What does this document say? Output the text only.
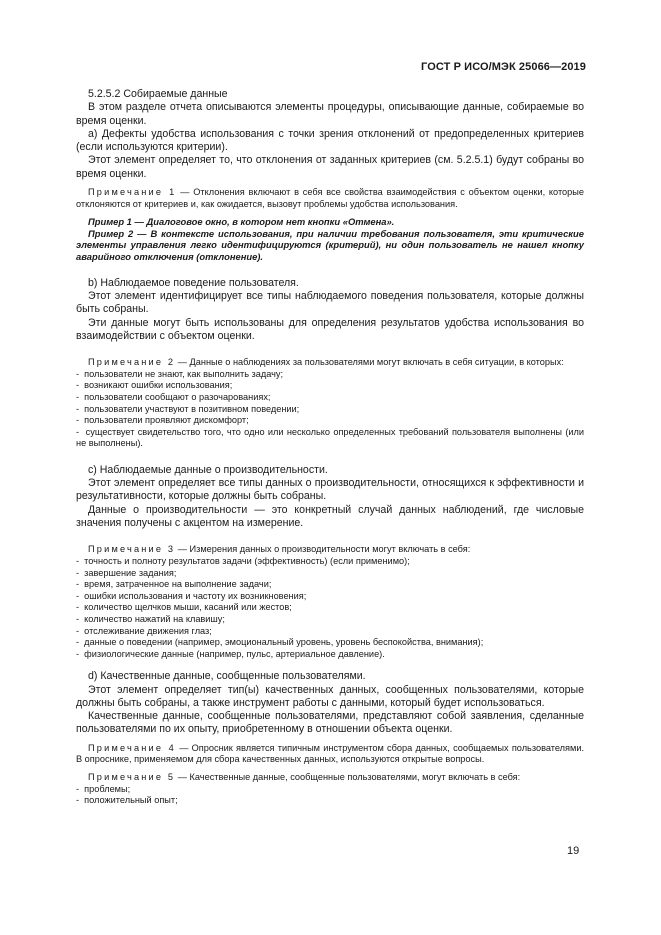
ГОСТ Р ИСО/МЭК 25066—2019

5.2.5.2 Собираемые данные

В этом разделе отчета описываются элементы процедуры, описывающие данные, собираемые во время оценки.

а) Дефекты удобства использования с точки зрения отклонений от предопределенных критериев (если используются критерии).

Этот элемент определяет то, что отклонения от заданных критериев (см. 5.2.5.1) будут собраны во время оценки.

Примечание 1 — Отклонения включают в себя все свойства взаимодействия с объектом оценки, которые отклоняются от критериев и, как ожидается, вызовут проблемы удобства использования.

Пример 1 — Диалоговое окно, в котором нет кнопки «Отмена».

Пример 2 — В контексте использования, при наличии требования пользователя, эти критические элементы управления легко идентифицируются (критерий), ни один пользователь не нашел кнопку аварийного отключения (отклонение).

b) Наблюдаемое поведение пользователя.

Этот элемент идентифицирует все типы наблюдаемого поведения пользователя, которые должны быть собраны.

Эти данные могут быть использованы для определения результатов удобства использования во взаимодействии с объектом оценки.

Примечание 2 — Данные о наблюдениях за пользователями могут включать в себя ситуации, в которых:

-  пользователи не знают, как выполнить задачу;
-  возникают ошибки использования;
-  пользователи сообщают о разочарованиях;
-  пользователи участвуют в позитивном поведении;
-  пользователи проявляют дискомфорт;
-  существует свидетельство того, что одно или несколько определенных требований пользователя выполнены (или не выполнены).

c) Наблюдаемые данные о производительности.

Этот элемент определяет все типы данных о производительности, относящихся к эффективности и результативности, которые должны быть собраны.

Данные о производительности — это конкретный случай данных наблюдений, где числовые значения получены с акцентом на измерение.

Примечание 3 — Измерения данных о производительности могут включать в себя:

-  точность и полноту результатов задачи (эффективность) (если применимо);
-  завершение задания;
-  время, затраченное на выполнение задачи;
-  ошибки использования и частоту их возникновения;
-  количество щелчков мыши, касаний или жестов;
-  количество нажатий на клавишу;
-  отслеживание движения глаз;
-  данные о поведении (например, эмоциональный уровень, уровень беспокойства, внимания);
-  физиологические данные (например, пульс, артериальное давление).

d) Качественные данные, сообщенные пользователями.

Этот элемент определяет тип(ы) качественных данных, сообщенных пользователями, которые должны быть собраны, а также инструмент работы с данными, который будет использоваться.

Качественные данные, сообщенные пользователями, представляют собой заявления, сделанные пользователями по их опыту, приобретенному в отношении объекта оценки.

Примечание 4 — Опросник является типичным инструментом сбора данных, сообщаемых пользователями. В опроснике, применяемом для сбора качественных данных, используются открытые вопросы.

Примечание 5 — Качественные данные, сообщенные пользователями, могут включать в себя:

-  проблемы;
-  положительный опыт;
19
